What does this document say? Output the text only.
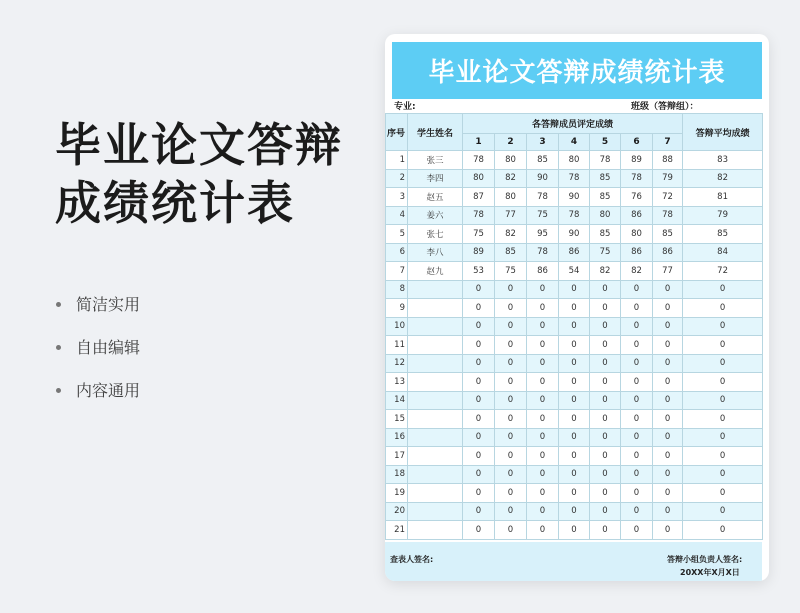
毕业论文答辩
成绩统计表
简洁实用
自由编辑
内容通用
毕业论文答辩成绩统计表
专业:	班级（答辩组）：
序号	学生姓名	各答辩成员评定成绩							答辩平均成绩
		1	2	3	4	5	6	7	
1	张三	78	80	85	80	78	89	88	83
2	李四	80	82	90	78	85	78	79	82
3	赵五	87	80	78	90	85	76	72	81
4	姜六	78	77	75	78	80	86	78	79
5	张七	75	82	95	90	85	80	85	85
6	李八	89	85	78	86	75	86	86	84
7	赵九	53	75	86	54	82	82	77	72
8		0	0	0	0	0	0	0	0
9		0	0	0	0	0	0	0	0
10		0	0	0	0	0	0	0	0
11		0	0	0	0	0	0	0	0
12		0	0	0	0	0	0	0	0
13		0	0	0	0	0	0	0	0
14		0	0	0	0	0	0	0	0
15		0	0	0	0	0	0	0	0
16		0	0	0	0	0	0	0	0
17		0	0	0	0	0	0	0	0
18		0	0	0	0	0	0	0	0
19		0	0	0	0	0	0	0	0
20		0	0	0	0	0	0	0	0
21		0	0	0	0	0	0	0	0
查表人签名:	答辩小组负责人签名:
20XX年X月X日
